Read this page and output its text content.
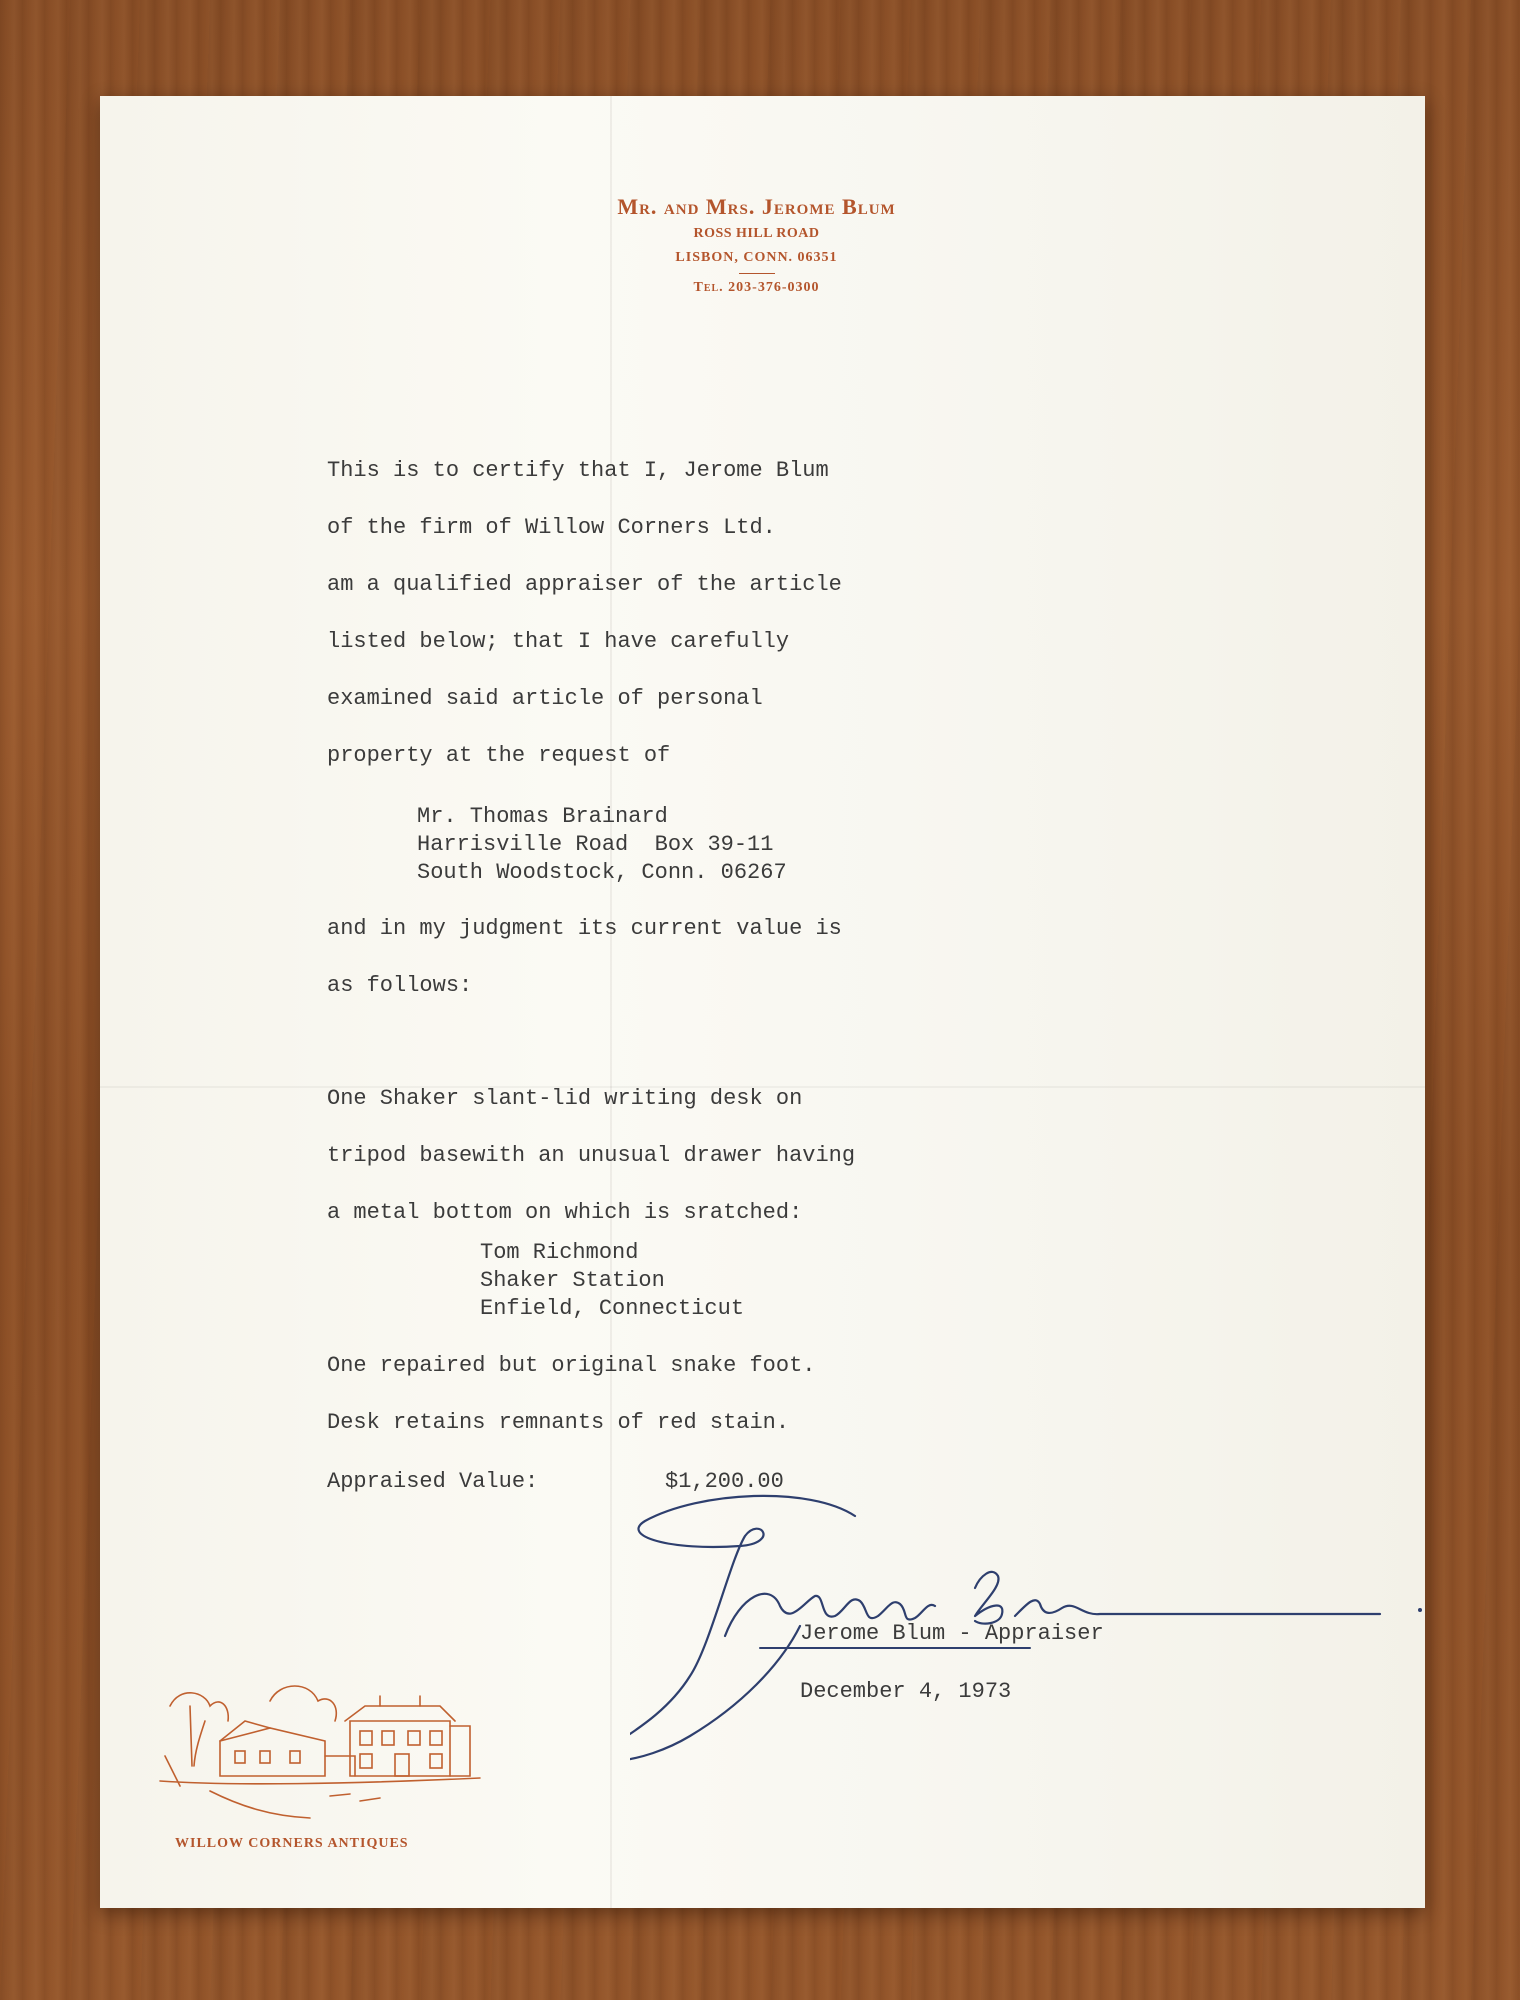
Mr. and Mrs. Jerome Blum
ROSS HILL ROAD
LISBON, CONN. 06351
Tel. 203-376-0300
This is to certify that I, Jerome Blum
of the firm of Willow Corners Ltd.
am a qualified appraiser of the article
listed below; that I have carefully
examined said article of personal
property at the request of
Mr. Thomas Brainard
Harrisville Road  Box 39-11
South Woodstock, Conn. 06267
and in my judgment its current value is
as follows:
One Shaker slant-lid writing desk on
tripod basewith an unusual drawer having
a metal bottom on which is sratched:
Tom Richmond
Shaker Station
Enfield, Connecticut
One repaired but original snake foot.
Desk retains remnants of red stain.
Appraised Value:	$1,200.00
Jerome Blum - Appraiser
December 4, 1973
WILLOW CORNERS ANTIQUES
